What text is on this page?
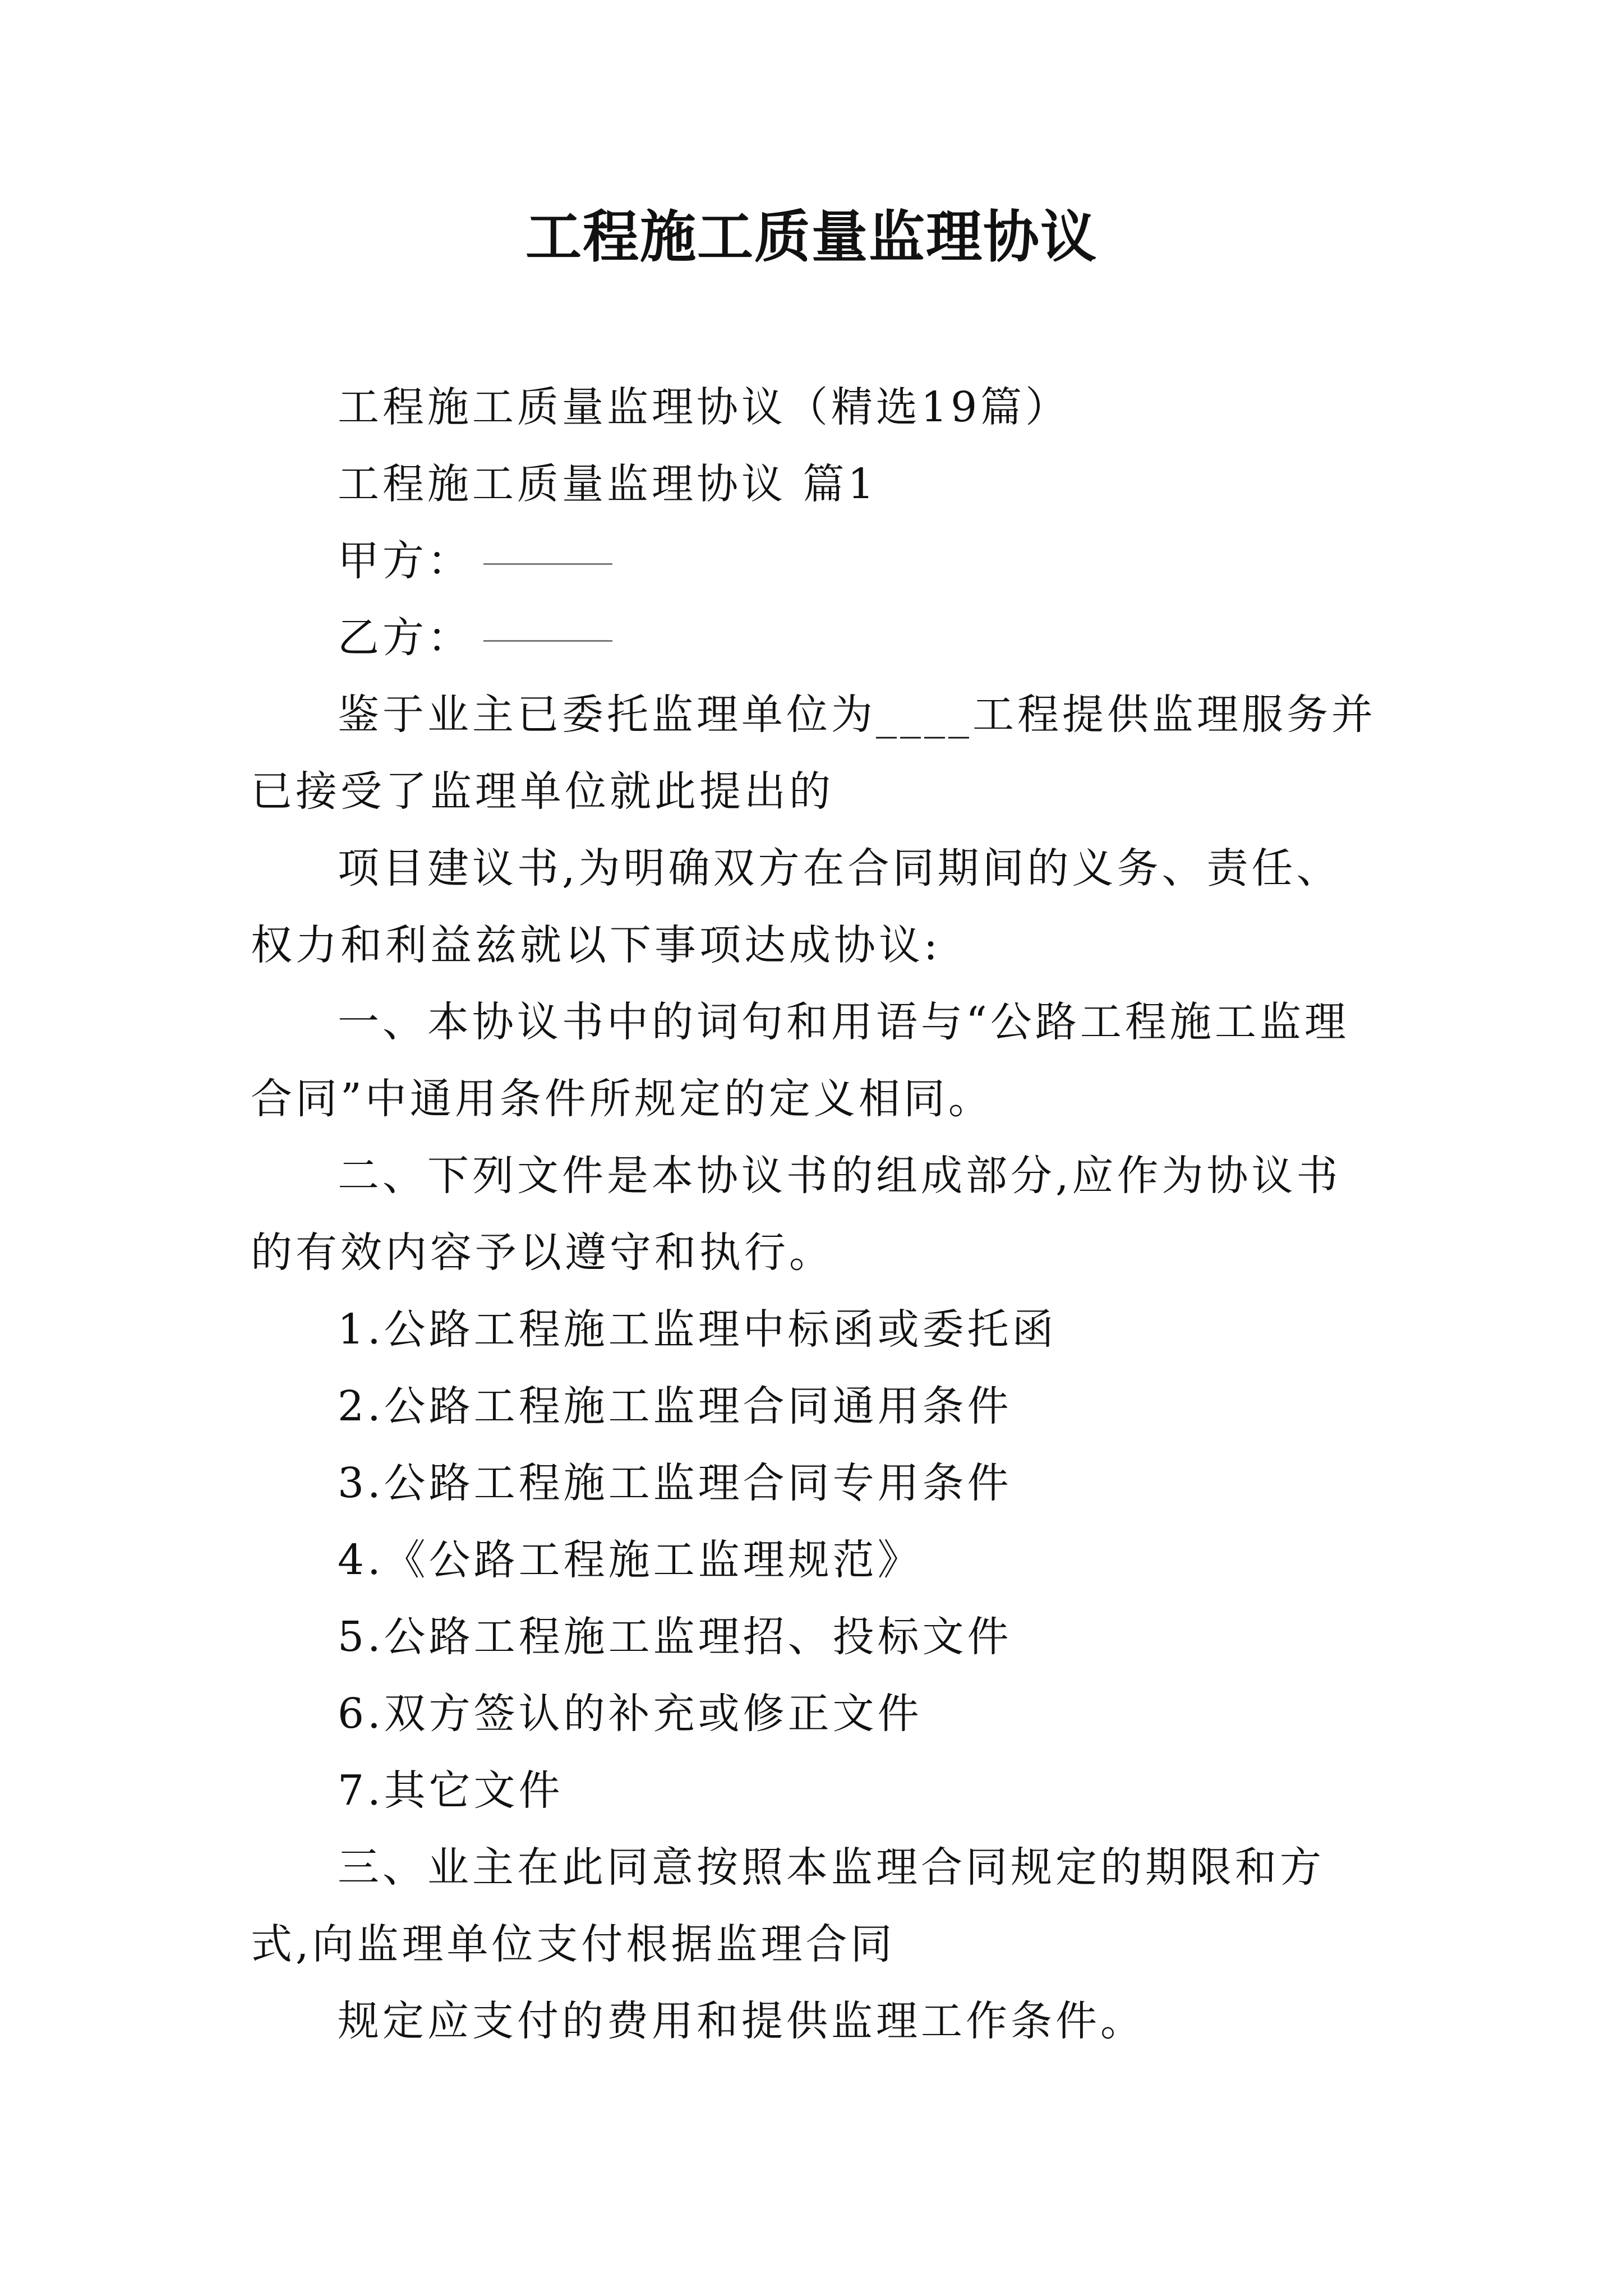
工程施工质量监理协议

工程施工质量监理协议（精选19篇）

工程施工质量监理协议 篇1

甲方：

乙方：

鉴于业主已委托监理单位为____工程提供监理服务并已接受了监理单位就此提出的

项目建议书,为明确双方在合同期间的义务、责任、权力和利益兹就以下事项达成协议:

一、本协议书中的词句和用语与“公路工程施工监理合同”中通用条件所规定的定义相同。

二、下列文件是本协议书的组成部分,应作为协议书的有效内容予以遵守和执行。

1.公路工程施工监理中标函或委托函

2.公路工程施工监理合同通用条件

3.公路工程施工监理合同专用条件

4.《公路工程施工监理规范》

5.公路工程施工监理招、投标文件

6.双方签认的补充或修正文件

7.其它文件

三、业主在此同意按照本监理合同规定的期限和方式,向监理单位支付根据监理合同

规定应支付的费用和提供监理工作条件。
